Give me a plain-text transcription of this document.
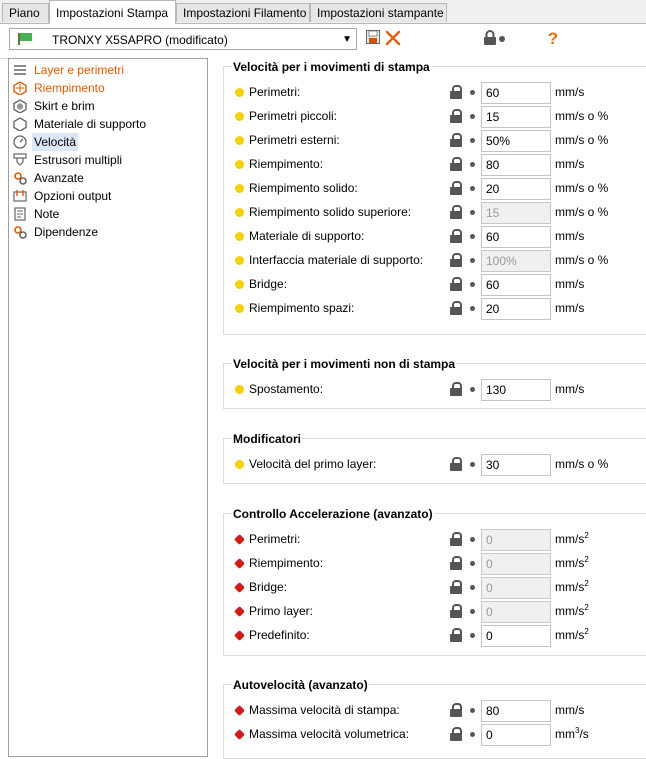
Piano	Impostazioni Stampa	Impostazioni Filamento Impostazioni stampante
TRONXY X5SAPRO (modificato)	▼	?
Layer e perimetri
Riempimento
Skirt e brim
Materiale di supporto
Velocità
Estrusori multipli
Avanzate
Opzioni output
Note
Dipendenze
Velocità per i movimenti di stampa
Perimetri:
60	mm/s
Perimetri piccoli:
15	mm/s o %
Perimetri esterni:
50%	mm/s o %
Riempimento:
80	mm/s
Riempimento solido:
20	mm/s o %
Riempimento solido superiore:
15	mm/s o %
Materiale di supporto:
60	mm/s
Interfaccia materiale di supporto:
100%	mm/s o %
Bridge:
60	mm/s
Riempimento spazi:
20	mm/s
Velocità per i movimenti non di stampa
Spostamento:
130	mm/s
Modificatori
Velocità del primo layer:
30	mm/s o %
Controllo Accelerazione (avanzato)
Perimetri:
0	$mm/s^2$
Riempimento:
0	$mm/s^2$
Bridge:
0	$mm/s^2$
Primo layer:
0	$mm/s^2$
Predefinito:
0	$mm/s^2$
Autovelocità (avanzato)
Massima velocità di stampa:
80	mm/s
Massima velocità volumetrica:
0	$mm^3/s$
